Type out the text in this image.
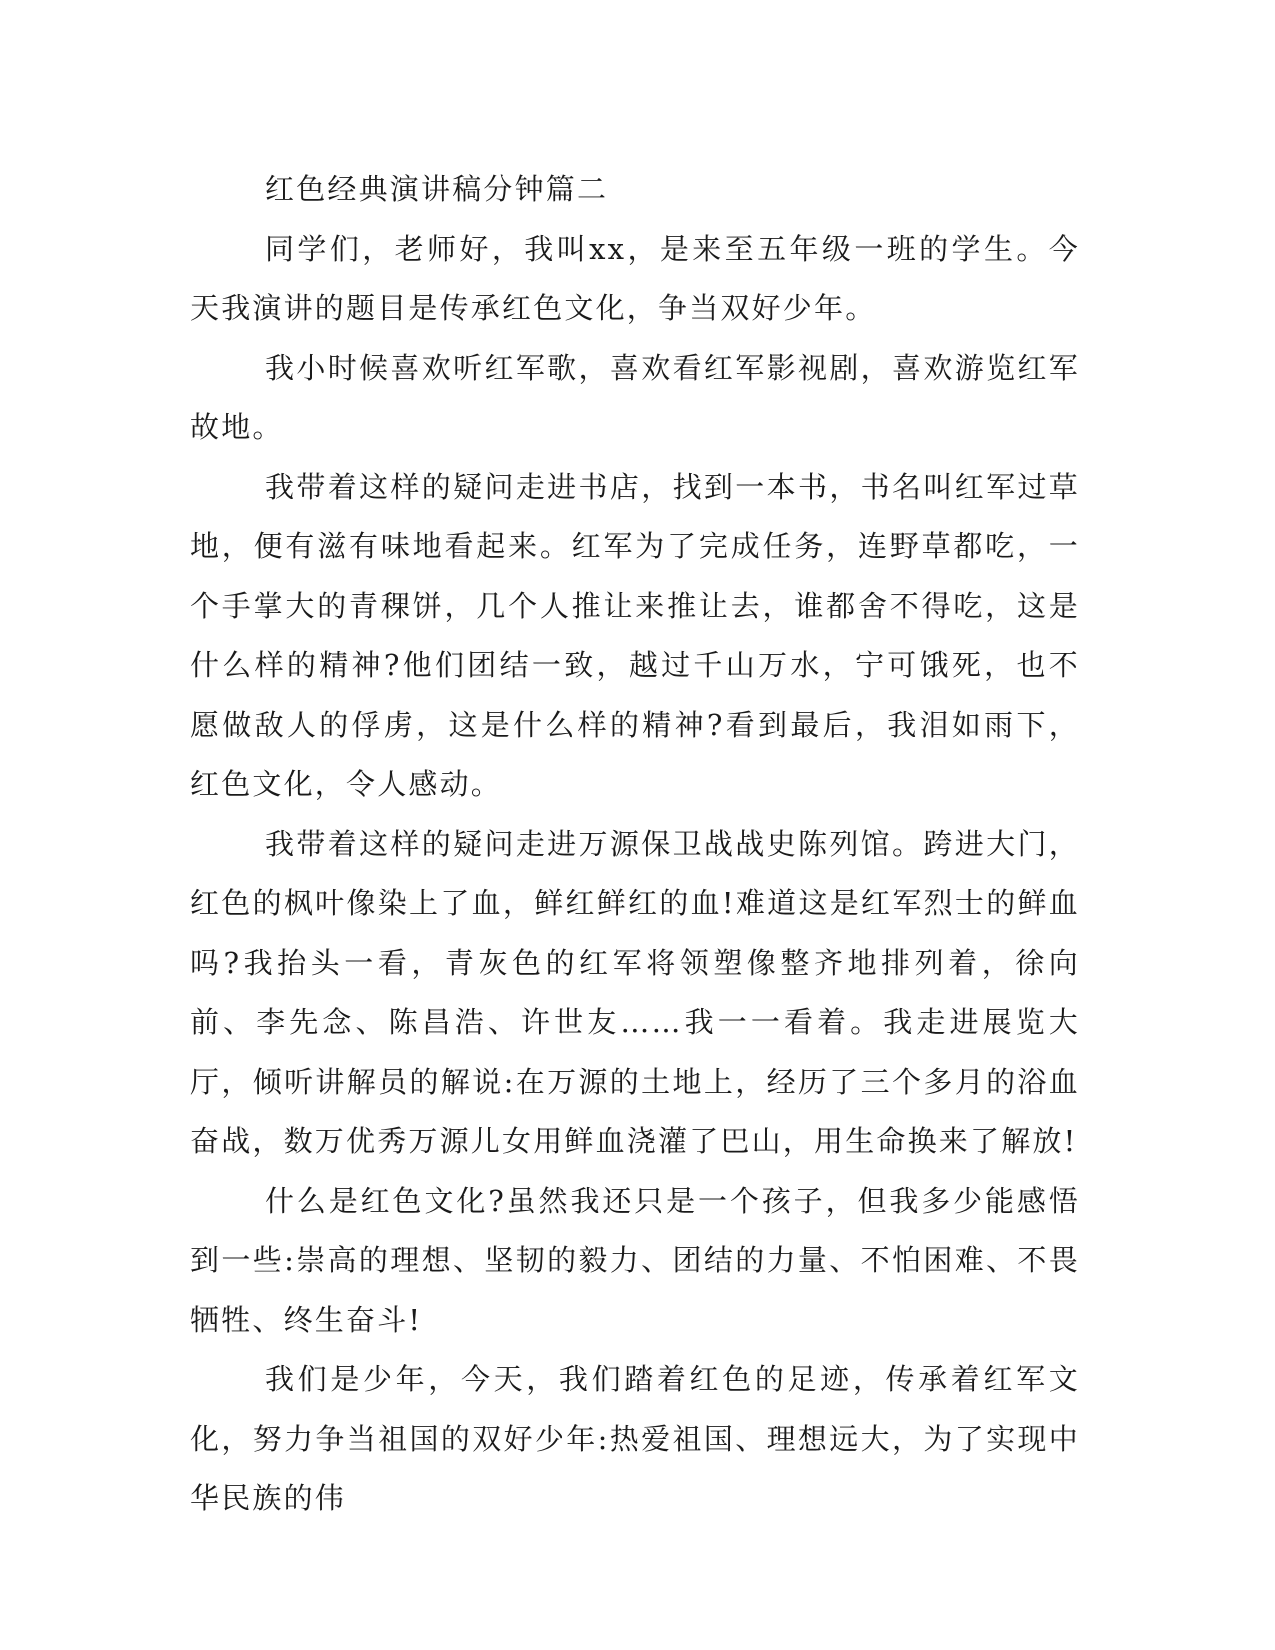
红色经典演讲稿分钟篇二

同学们，老师好，我叫xx，是来至五年级一班的学生。今天我演讲的题目是传承红色文化，争当双好少年。

我小时候喜欢听红军歌，喜欢看红军影视剧，喜欢游览红军故地。

我带着这样的疑问走进书店，找到一本书，书名叫红军过草地，便有滋有味地看起来。红军为了完成任务，连野草都吃，一个手掌大的青稞饼，几个人推让来推让去，谁都舍不得吃，这是什么样的精神?他们团结一致，越过千山万水，宁可饿死，也不愿做敌人的俘虏，这是什么样的精神?看到最后，我泪如雨下，红色文化，令人感动。

我带着这样的疑问走进万源保卫战战史陈列馆。跨进大门，红色的枫叶像染上了血，鲜红鲜红的血!难道这是红军烈士的鲜血吗?我抬头一看，青灰色的红军将领塑像整齐地排列着，徐向前、李先念、陈昌浩、许世友……我一一看着。我走进展览大厅，倾听讲解员的解说:在万源的土地上，经历了三个多月的浴血奋战，数万优秀万源儿女用鲜血浇灌了巴山，用生命换来了解放!

什么是红色文化?虽然我还只是一个孩子，但我多少能感悟到一些:崇高的理想、坚韧的毅力、团结的力量、不怕困难、不畏牺牲、终生奋斗!

我们是少年，今天，我们踏着红色的足迹，传承着红军文化，努力争当祖国的双好少年:热爱祖国、理想远大，为了实现中华民族的伟
